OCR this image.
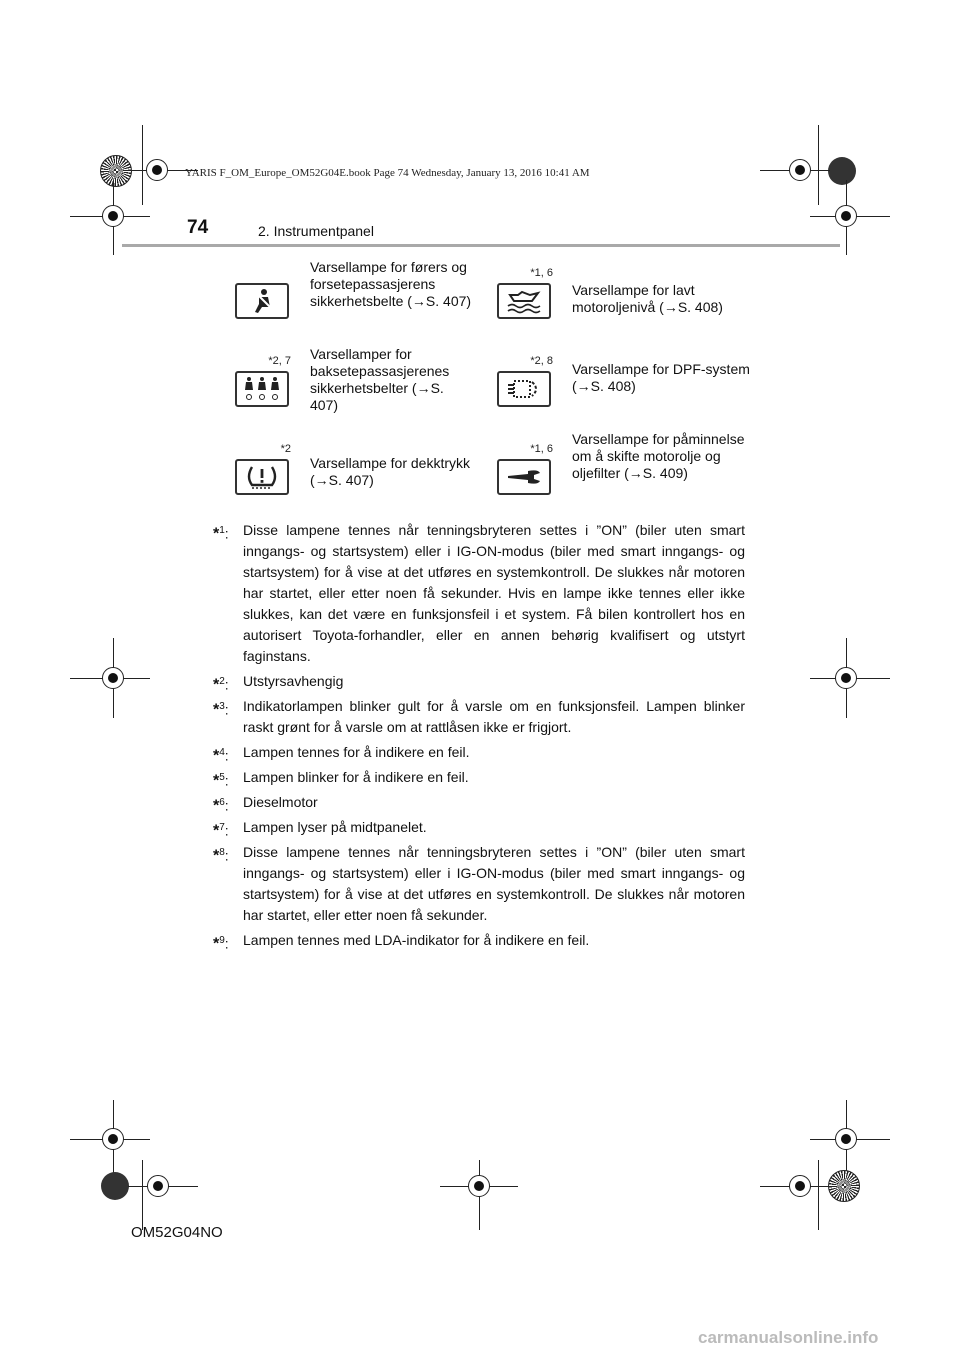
YARIS F_OM_Europe_OM52G04E.book Page 74 Wednesday, January 13, 2016 10:41 AM
74	2. Instrumentpanel
Varsellampe for førers og forsetepassasjerens sikkerhetsbelte (→S. 407)
*1, 6
Varsellampe for lavt motoroljenivå (→S. 408)
*2, 7 Varsellamper for baksetepassasjerenes sikkerhetsbelter (→S. 407)
*2, 8 Varsellampe for DPF-system (→S. 408)
*2
Varsellampe for dekktrykk (→S. 407)
*1, 6
Varsellampe for påminnelse om å skifte motorolje og oljefilter (→S. 409)
*$^1$: Disse lampene tennes når tenningsbryteren settes i ”ON” (biler uten smart inngangs- og startsystem) eller i IG-ON-modus (biler med smart inngangs- og startsystem) for å vise at det utføres en systemkontroll. De slukkes når motoren har startet, eller etter noen få sekunder. Hvis en lampe ikke tennes eller ikke slukkes, kan det være en funksjonsfeil i et system. Få bilen kontrollert hos en autorisert Toyota-forhandler, eller en annen behørig kvalifisert og utstyrt faginstans.
*$^2$: Utstyrsavhengig
*$^3$: Indikatorlampen blinker gult for å varsle om en funksjonsfeil. Lampen blinker raskt grønt for å varsle om at rattlåsen ikke er frigjort.
*$^4$: Lampen tennes for å indikere en feil.
*$^5$: Lampen blinker for å indikere en feil.
*$^6$: Dieselmotor
*$^7$: Lampen lyser på midtpanelet.
*$^8$: Disse lampene tennes når tenningsbryteren settes i ”ON” (biler uten smart inngangs- og startsystem) eller i IG-ON-modus (biler med smart inngangs- og startsystem) for å vise at det utføres en systemkontroll. De slukkes når motoren har startet, eller etter noen få sekunder.
*$^9$: Lampen tennes med LDA-indikator for å indikere en feil.
OM52G04NO
carmanualsonline.info
